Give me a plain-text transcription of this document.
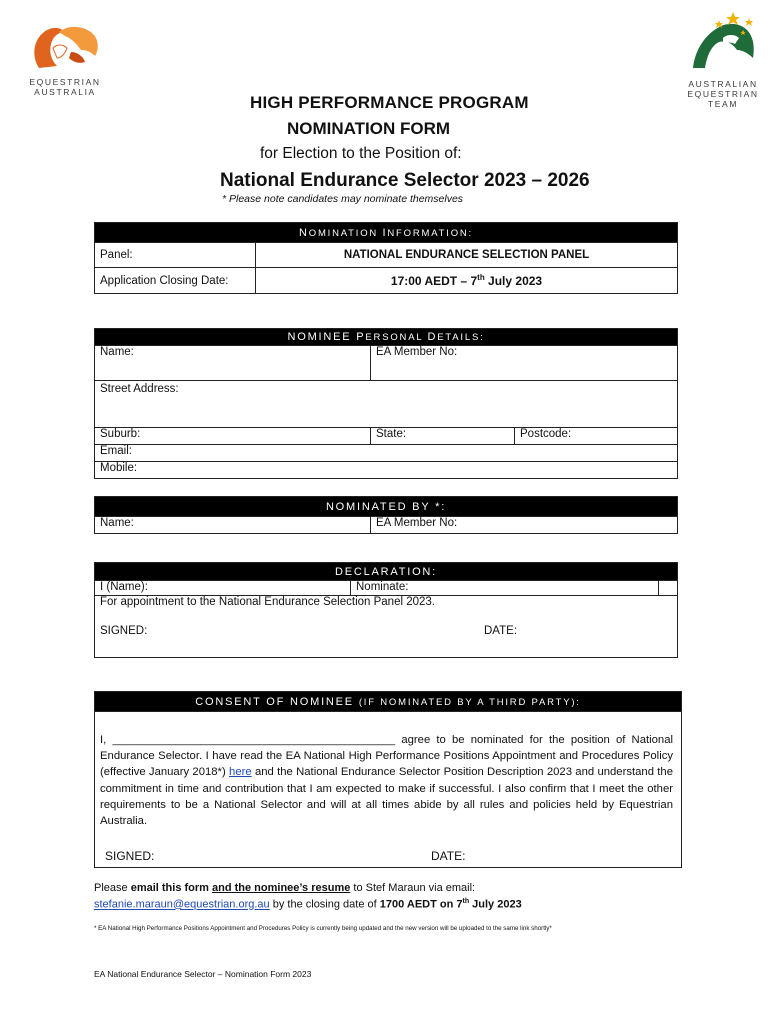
EQUESTRIAN
AUSTRALIA
AUSTRALIAN
EQUESTRIAN
TEAM
HIGH PERFORMANCE PROGRAM
NOMINATION FORM
for Election to the Position of:
National Endurance Selector 2023 – 2026
* Please note candidates may nominate themselves
NOMINATION INFORMATION:	
Panel:	NATIONAL ENDURANCE SELECTION PANEL
Application Closing Date:	17:00 AEDT – 7th July 2023
NOMINEE PERSONAL DETAILS:		
Name:	EA Member No:	
Street Address:		
Suburb:	State:	Postcode:
Email:		
Mobile:		
NOMINATED BY *:
Name:	EA Member No:
DECLARATION:
I (Name):	Nominate:	

For appointment to the National Endurance Selection Panel 2023.
SIGNED:	DATE:
CONSENT OF NOMINEE (IF NOMINATED BY A THIRD PARTY):

I, _____________________________________________ agree to be nominated for the position of National Endurance Selector. I have read the EA National High Performance Positions Appointment and Procedures Policy (effective January 2018*) here and the National Endurance Selector Position Description 2023 and understand the commitment in time and contribution that I am expected to make if successful. I also confirm that I meet the other requirements to be a National Selector and will at all times abide by all rules and policies held by Equestrian Australia.
SIGNED:	DATE:
Please email this form and the nominee’s resume to Stef Maraun via email:
stefanie.maraun@equestrian.org.au by the closing date of 1700 AEDT on 7th July 2023
* EA National High Performance Positions Appointment and Procedures Policy is currently being updated and the new version will be uploaded to the same link shortly*
EA National Endurance Selector – Nomination Form 2023
